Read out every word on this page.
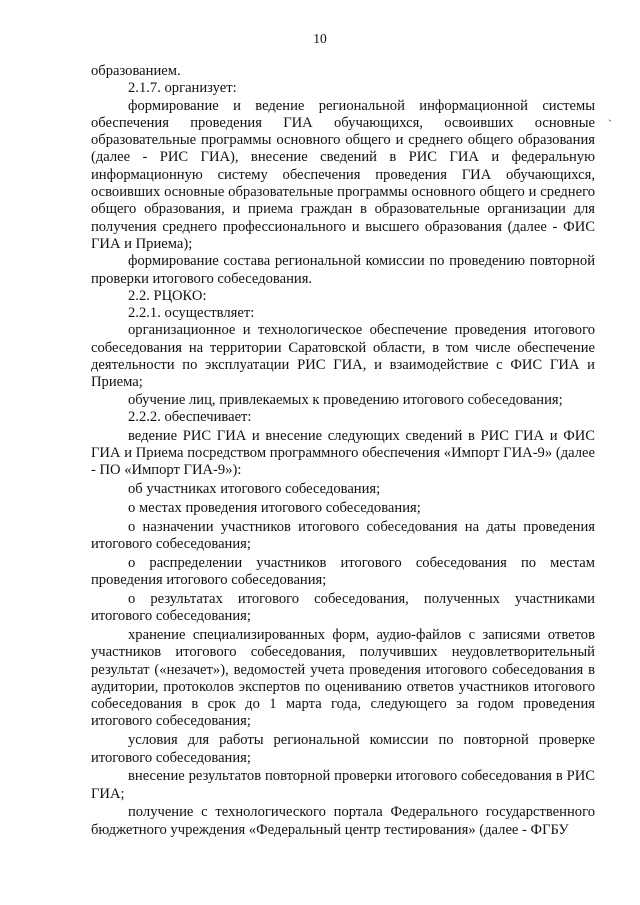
10
`

образованием.

2.1.7. организует:

формирование и ведение региональной информационной системы обеспечения проведения ГИА обучающихся, освоивших основные образовательные программы основного общего и среднего общего образования (далее - РИС ГИА), внесение сведений в РИС ГИА и федеральную информационную систему обеспечения проведения ГИА обучающихся, освоивших основные образовательные программы основного общего и среднего общего образования, и приема граждан в образовательные организации для получения среднего профессионального и высшего образования (далее - ФИС ГИА и Приема);

формирование состава региональной комиссии по проведению повторной проверки итогового собеседования.

2.2. РЦОКО:

2.2.1. осуществляет:

организационное и технологическое обеспечение проведения итогового собеседования на территории Саратовской области, в том числе обеспечение деятельности по эксплуатации РИС ГИА, и взаимодействие с ФИС ГИА и Приема;

обучение лиц, привлекаемых к проведению итогового собеседования;

2.2.2. обеспечивает:

ведение РИС ГИА и внесение следующих сведений в РИС ГИА и ФИС ГИА и Приема посредством программного обеспечения «Импорт ГИА-9» (далее - ПО «Импорт ГИА-9»):

об участниках итогового собеседования;

о местах проведения итогового собеседования;

о назначении участников итогового собеседования на даты проведения итогового собеседования;

о распределении участников итогового собеседования по местам проведения итогового собеседования;

о результатах итогового собеседования, полученных участниками итогового собеседования;

хранение специализированных форм, аудио-файлов с записями ответов участников итогового собеседования, получивших неудовлетворительный результат («незачет»), ведомостей учета проведения итогового собеседования в аудитории, протоколов экспертов по оцениванию ответов участников итогового собеседования в срок до 1 марта года, следующего за годом проведения итогового собеседования;

условия для работы региональной комиссии по повторной проверке итогового собеседования;

внесение результатов повторной проверки итогового собеседования в РИС ГИА;

получение с технологического портала Федерального государственного бюджетного учреждения «Федеральный центр тестирования» (далее - ФГБУ
